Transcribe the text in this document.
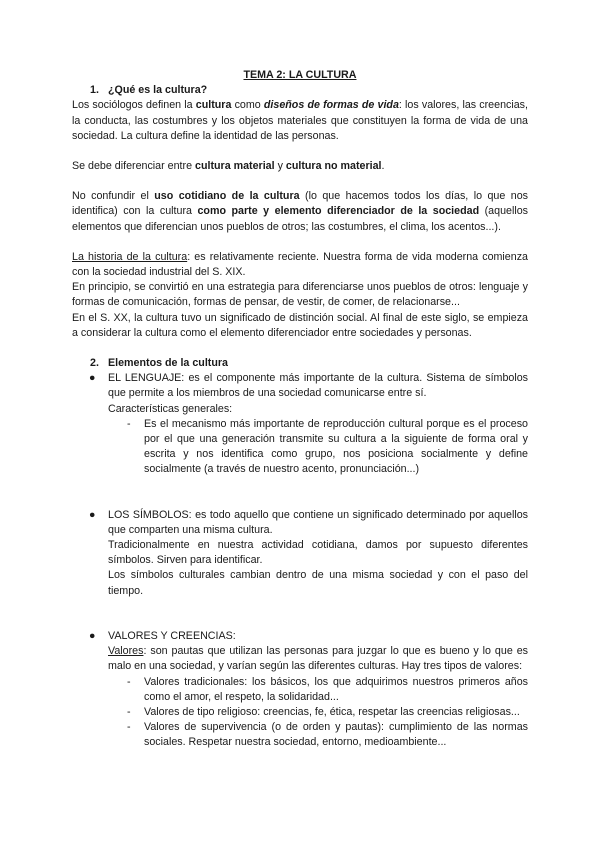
TEMA 2: LA CULTURA
1. ¿Qué es la cultura?

Los sociólogos definen la cultura como diseños de formas de vida: los valores, las creencias, la conducta, las costumbres y los objetos materiales que constituyen la forma de vida de una sociedad. La cultura define la identidad de las personas.

Se debe diferenciar entre cultura material y cultura no material.

No confundir el uso cotidiano de la cultura (lo que hacemos todos los días, lo que nos identifica) con la cultura como parte y elemento diferenciador de la sociedad (aquellos elementos que diferencian unos pueblos de otros; las costumbres, el clima, los acentos...).

La historia de la cultura: es relativamente reciente. Nuestra forma de vida moderna comienza con la sociedad industrial del S. XIX.

En principio, se convirtió en una estrategia para diferenciarse unos pueblos de otros: lenguaje y formas de comunicación, formas de pensar, de vestir, de comer, de relacionarse...

En el S. XX, la cultura tuvo un significado de distinción social. Al final de este siglo, se empieza a considerar la cultura como el elemento diferenciador entre sociedades y personas.

2. Elementos de la cultura
● EL LENGUAJE: es el componente más importante de la cultura. Sistema de símbolos que permite a los miembros de una sociedad comunicarse entre sí.

Características generales:

- Es el mecanismo más importante de reproducción cultural porque es el proceso por el que una generación transmite su cultura a la siguiente de forma oral y escrita y nos identifica como grupo, nos posiciona socialmente y define socialmente (a través de nuestro acento, pronunciación...)

● LOS SÍMBOLOS: es todo aquello que contiene un significado determinado por aquellos que comparten una misma cultura.

Tradicionalmente en nuestra actividad cotidiana, damos por supuesto diferentes símbolos. Sirven para identificar.

Los símbolos culturales cambian dentro de una misma sociedad y con el paso del tiempo.

● VALORES Y CREENCIAS:

Valores: son pautas que utilizan las personas para juzgar lo que es bueno y lo que es malo en una sociedad, y varían según las diferentes culturas. Hay tres tipos de valores:

- Valores tradicionales: los básicos, los que adquirimos nuestros primeros años como el amor, el respeto, la solidaridad...

- Valores de tipo religioso: creencias, fe, ética, respetar las creencias religiosas...

- Valores de supervivencia (o de orden y pautas): cumplimiento de las normas sociales. Respetar nuestra sociedad, entorno, medioambiente...
